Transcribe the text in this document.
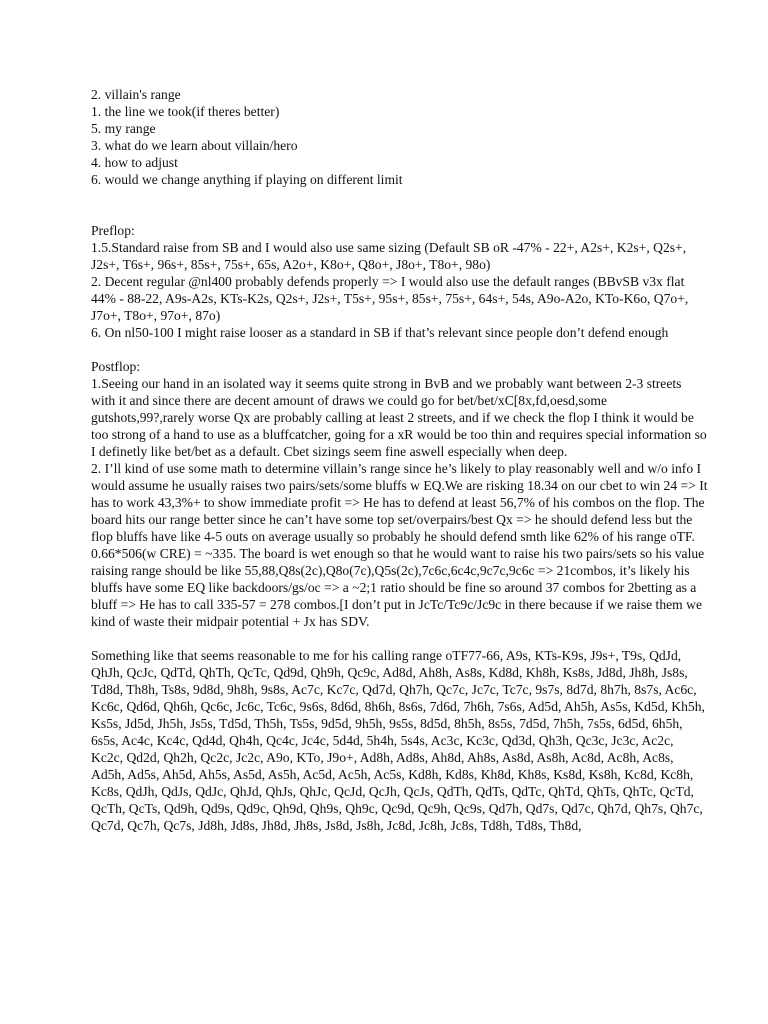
2. villain's range
1. the line we took(if theres better)
5. my range
3. what do we learn about villain/hero
4. how to adjust
6. would we change anything if playing on different limit
Preflop:

1.5.Standard raise from SB and I would also use same sizing (Default SB oR -47% - 22+, A2s+, K2s+, Q2s+, J2s+, T6s+, 96s+, 85s+, 75s+, 65s, A2o+, K8o+, Q8o+, J8o+, T8o+, 98o)

2. Decent regular @nl400 probably defends properly => I would also use the default ranges (BBvSB v3x flat 44% - 88-22, A9s-A2s, KTs-K2s, Q2s+, J2s+, T5s+, 95s+, 85s+, 75s+, 64s+, 54s, A9o-A2o, KTo-K6o, Q7o+, J7o+, T8o+, 97o+, 87o)

6. On nl50-100 I might raise looser as a standard in SB if that’s relevant since people don’t defend enough

Postflop:

1.Seeing our hand in an isolated way it seems quite strong in BvB and we probably want between 2-3 streets with it and since there are decent amount of draws we could go for bet/bet/xC[8x,fd,oesd,some gutshots,99?,rarely worse Qx are probably calling at least 2 streets, and if we check the flop I think it would be too strong of a hand to use as a bluffcatcher, going for a xR would be too thin and requires special information so I definetly like bet/bet as a default. Cbet sizings seem fine aswell especially when deep.

2. I’ll kind of use some math to determine villain’s range since he’s likely to play reasonably well and w/o info I would assume he usually raises two pairs/sets/some bluffs w EQ.We are risking 18.34 on our cbet to win 24 => It has to work 43,3%+ to show immediate profit => He has to defend at least 56,7% of his combos on the flop. The board hits our range better since he can’t have some top set/overpairs/best Qx => he should defend less but the flop bluffs have like 4-5 outs on average usually so probably he should defend smth like 62% of his range oTF. 0.66*506(w CRE) = ~335. The board is wet enough so that he would want to raise his two pairs/sets so his value raising range should be like 55,88,Q8s(2c),Q8o(7c),Q5s(2c),7c6c,6c4c,9c7c,9c6c => 21combos, it’s likely his bluffs have some EQ like backdoors/gs/oc => a ~2;1 ratio should be fine so around 37 combos for 2betting as a bluff => He has to call 335-57 = 278 combos.[I don’t put in JcTc/Tc9c/Jc9c in there because if we raise them we kind of waste their midpair potential + Jx has SDV.

Something like that seems reasonable to me for his calling range oTF77-66, A9s, KTs-K9s, J9s+, T9s, QdJd, QhJh, QcJc, QdTd, QhTh, QcTc, Qd9d, Qh9h, Qc9c, Ad8d, Ah8h, As8s, Kd8d, Kh8h, Ks8s, Jd8d, Jh8h, Js8s, Td8d, Th8h, Ts8s, 9d8d, 9h8h, 9s8s, Ac7c, Kc7c, Qd7d, Qh7h, Qc7c, Jc7c, Tc7c, 9s7s, 8d7d, 8h7h, 8s7s, Ac6c, Kc6c, Qd6d, Qh6h, Qc6c, Jc6c, Tc6c, 9s6s, 8d6d, 8h6h, 8s6s, 7d6d, 7h6h, 7s6s, Ad5d, Ah5h, As5s, Kd5d, Kh5h, Ks5s, Jd5d, Jh5h, Js5s, Td5d, Th5h, Ts5s, 9d5d, 9h5h, 9s5s, 8d5d, 8h5h, 8s5s, 7d5d, 7h5h, 7s5s, 6d5d, 6h5h, 6s5s, Ac4c, Kc4c, Qd4d, Qh4h, Qc4c, Jc4c, 5d4d, 5h4h, 5s4s, Ac3c, Kc3c, Qd3d, Qh3h, Qc3c, Jc3c, Ac2c, Kc2c, Qd2d, Qh2h, Qc2c, Jc2c, A9o, KTo, J9o+, Ad8h, Ad8s, Ah8d, Ah8s, As8d, As8h, Ac8d, Ac8h, Ac8s, Ad5h, Ad5s, Ah5d, Ah5s, As5d, As5h, Ac5d, Ac5h, Ac5s, Kd8h, Kd8s, Kh8d, Kh8s, Ks8d, Ks8h, Kc8d, Kc8h, Kc8s, QdJh, QdJs, QdJc, QhJd, QhJs, QhJc, QcJd, QcJh, QcJs, QdTh, QdTs, QdTc, QhTd, QhTs, QhTc, QcTd, QcTh, QcTs, Qd9h, Qd9s, Qd9c, Qh9d, Qh9s, Qh9c, Qc9d, Qc9h, Qc9s, Qd7h, Qd7s, Qd7c, Qh7d, Qh7s, Qh7c, Qc7d, Qc7h, Qc7s, Jd8h, Jd8s, Jh8d, Jh8s, Js8d, Js8h, Jc8d, Jc8h, Jc8s, Td8h, Td8s, Th8d,
